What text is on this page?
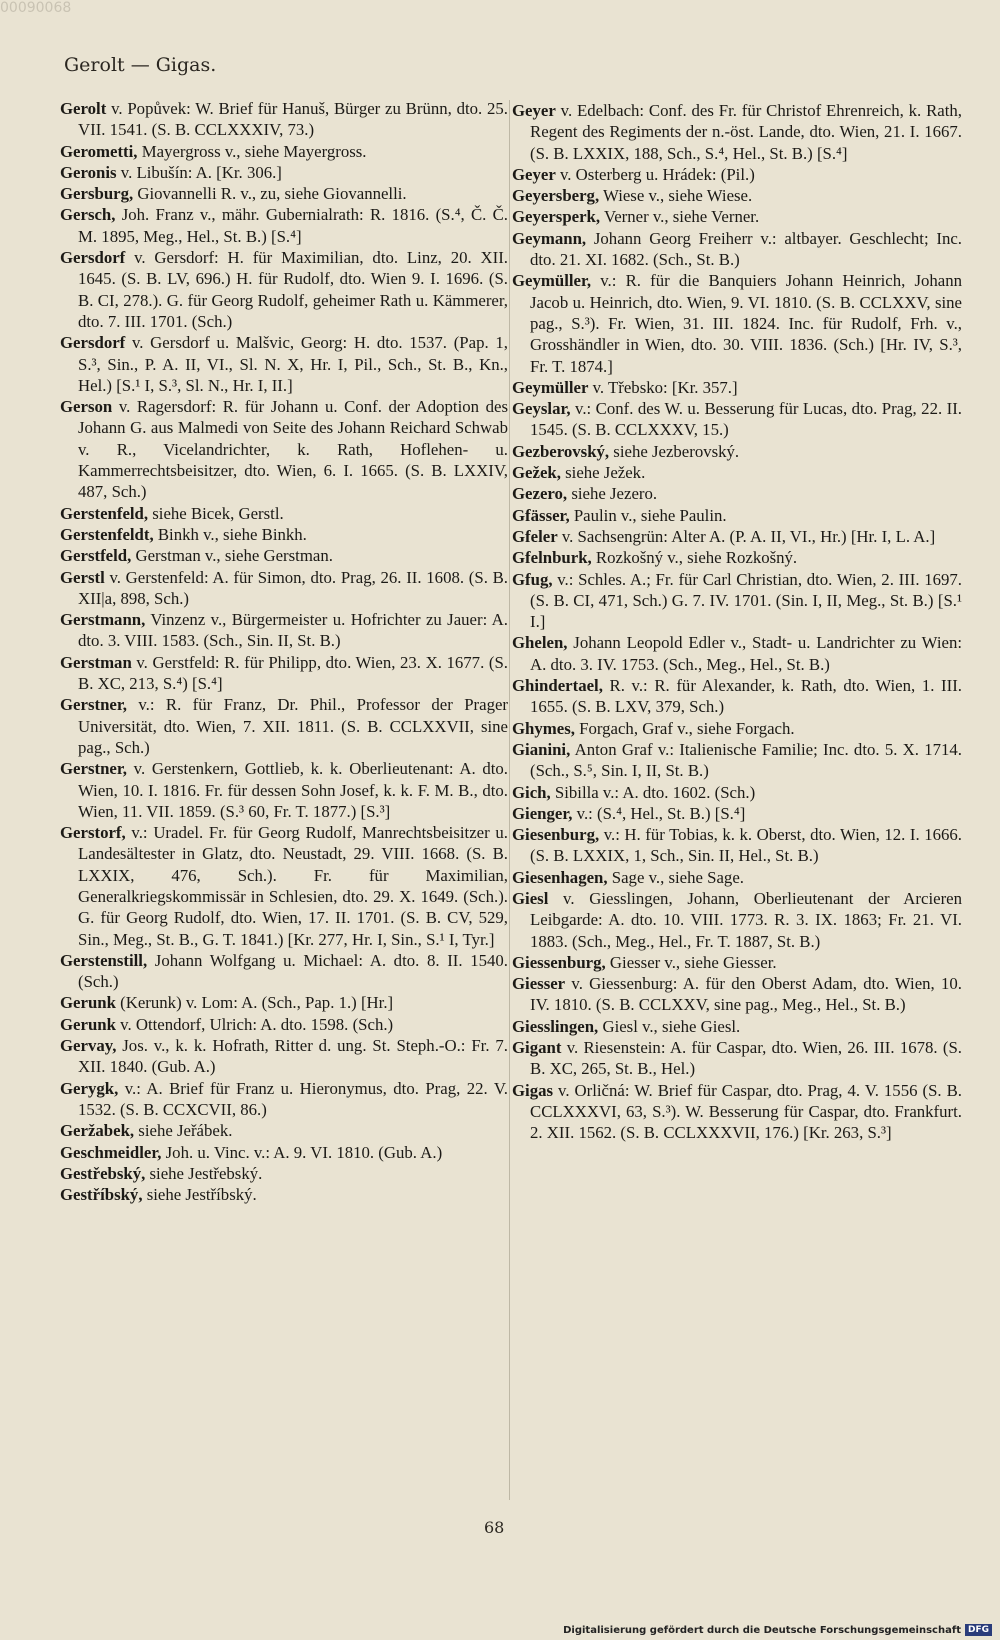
00090068
Gerolt — Gigas.

Gerolt v. Popůvek: W. Brief für Hanuš, Bürger zu Brünn, dto. 25. VII. 1541. (S. B. CCLXXXIV, 73.)

Gerometti, Mayergross v., siehe Mayergross.

Geronis v. Libušín: A. [Kr. 306.]

Gersburg, Giovannelli R. v., zu, siehe Giovannelli.

Gersch, Joh. Franz v., mähr. Gubernialrath: R. 1816. (S.⁴, Č. Č. M. 1895, Meg., Hel., St. B.) [S.⁴]

Gersdorf v. Gersdorf: H. für Maximilian, dto. Linz, 20. XII. 1645. (S. B. LV, 696.) H. für Rudolf, dto. Wien 9. I. 1696. (S. B. CI, 278.). G. für Georg Rudolf, geheimer Rath u. Kämmerer, dto. 7. III. 1701. (Sch.)

Gersdorf v. Gersdorf u. Malšvic, Georg: H. dto. 1537. (Pap. 1, S.³, Sin., P. A. II, VI., Sl. N. X, Hr. I, Pil., Sch., St. B., Kn., Hel.) [S.¹ I, S.³, Sl. N., Hr. I, II.]

Gerson v. Ragersdorf: R. für Johann u. Conf. der Adoption des Johann G. aus Malmedi von Seite des Johann Reichard Schwab v. R., Vicelandrichter, k. Rath, Hoflehen- u. Kammerrechtsbeisitzer, dto. Wien, 6. I. 1665. (S. B. LXXIV, 487, Sch.)

Gerstenfeld, siehe Bicek, Gerstl.

Gerstenfeldt, Binkh v., siehe Binkh.

Gerstfeld, Gerstman v., siehe Gerstman.

Gerstl v. Gerstenfeld: A. für Simon, dto. Prag, 26. II. 1608. (S. B. XII|a, 898, Sch.)

Gerstmann, Vinzenz v., Bürgermeister u. Hofrichter zu Jauer: A. dto. 3. VIII. 1583. (Sch., Sin. II, St. B.)

Gerstman v. Gerstfeld: R. für Philipp, dto. Wien, 23. X. 1677. (S. B. XC, 213, S.⁴) [S.⁴]

Gerstner, v.: R. für Franz, Dr. Phil., Professor der Prager Universität, dto. Wien, 7. XII. 1811. (S. B. CCLXXVII, sine pag., Sch.)

Gerstner, v. Gerstenkern, Gottlieb, k. k. Oberlieutenant: A. dto. Wien, 10. I. 1816. Fr. für dessen Sohn Josef, k. k. F. M. B., dto. Wien, 11. VII. 1859. (S.³ 60, Fr. T. 1877.) [S.³]

Gerstorf, v.: Uradel. Fr. für Georg Rudolf, Manrechtsbeisitzer u. Landesältester in Glatz, dto. Neustadt, 29. VIII. 1668. (S. B. LXXIX, 476, Sch.). Fr. für Maximilian, Generalkriegskommissär in Schlesien, dto. 29. X. 1649. (Sch.). G. für Georg Rudolf, dto. Wien, 17. II. 1701. (S. B. CV, 529, Sin., Meg., St. B., G. T. 1841.) [Kr. 277, Hr. I, Sin., S.¹ I, Tyr.]

Gerstenstill, Johann Wolfgang u. Michael: A. dto. 8. II. 1540. (Sch.)

Gerunk (Kerunk) v. Lom: A. (Sch., Pap. 1.) [Hr.]

Gerunk v. Ottendorf, Ulrich: A. dto. 1598. (Sch.)

Gervay, Jos. v., k. k. Hofrath, Ritter d. ung. St. Steph.-O.: Fr. 7. XII. 1840. (Gub. A.)

Gerygk, v.: A. Brief für Franz u. Hieronymus, dto. Prag, 22. V. 1532. (S. B. CCXCVII, 86.)

Geržabek, siehe Jeřábek.

Geschmeidler, Joh. u. Vinc. v.: A. 9. VI. 1810. (Gub. A.)

Gestřebský, siehe Jestřebský.

Gestříbský, siehe Jestříbský.

Geyer v. Edelbach: Conf. des Fr. für Christof Ehrenreich, k. Rath, Regent des Regiments der n.-öst. Lande, dto. Wien, 21. I. 1667. (S. B. LXXIX, 188, Sch., S.⁴, Hel., St. B.) [S.⁴]

Geyer v. Osterberg u. Hrádek: (Pil.)

Geyersberg, Wiese v., siehe Wiese.

Geyersperk, Verner v., siehe Verner.

Geymann, Johann Georg Freiherr v.: altbayer. Geschlecht; Inc. dto. 21. XI. 1682. (Sch., St. B.)

Geymüller, v.: R. für die Banquiers Johann Heinrich, Johann Jacob u. Heinrich, dto. Wien, 9. VI. 1810. (S. B. CCLXXV, sine pag., S.³). Fr. Wien, 31. III. 1824. Inc. für Rudolf, Frh. v., Grosshändler in Wien, dto. 30. VIII. 1836. (Sch.) [Hr. IV, S.³, Fr. T. 1874.]

Geymüller v. Třebsko: [Kr. 357.]

Geyslar, v.: Conf. des W. u. Besserung für Lucas, dto. Prag, 22. II. 1545. (S. B. CCLXXXV, 15.)

Gezberovský, siehe Jezberovský.

Gežek, siehe Ježek.

Gezero, siehe Jezero.

Gfässer, Paulin v., siehe Paulin.

Gfeler v. Sachsengrün: Alter A. (P. A. II, VI., Hr.) [Hr. I, L. A.]

Gfelnburk, Rozkošný v., siehe Rozkošný.

Gfug, v.: Schles. A.; Fr. für Carl Christian, dto. Wien, 2. III. 1697. (S. B. CI, 471, Sch.) G. 7. IV. 1701. (Sin. I, II, Meg., St. B.) [S.¹ I.]

Ghelen, Johann Leopold Edler v., Stadt- u. Landrichter zu Wien: A. dto. 3. IV. 1753. (Sch., Meg., Hel., St. B.)

Ghindertael, R. v.: R. für Alexander, k. Rath, dto. Wien, 1. III. 1655. (S. B. LXV, 379, Sch.)

Ghymes, Forgach, Graf v., siehe Forgach.

Gianini, Anton Graf v.: Italienische Familie; Inc. dto. 5. X. 1714. (Sch., S.⁵, Sin. I, II, St. B.)

Gich, Sibilla v.: A. dto. 1602. (Sch.)

Gienger, v.: (S.⁴, Hel., St. B.) [S.⁴]

Giesenburg, v.: H. für Tobias, k. k. Oberst, dto. Wien, 12. I. 1666. (S. B. LXXIX, 1, Sch., Sin. II, Hel., St. B.)

Giesenhagen, Sage v., siehe Sage.

Giesl v. Giesslingen, Johann, Oberlieutenant der Arcieren Leibgarde: A. dto. 10. VIII. 1773. R. 3. IX. 1863; Fr. 21. VI. 1883. (Sch., Meg., Hel., Fr. T. 1887, St. B.)

Giessenburg, Giesser v., siehe Giesser.

Giesser v. Giessenburg: A. für den Oberst Adam, dto. Wien, 10. IV. 1810. (S. B. CCLXXV, sine pag., Meg., Hel., St. B.)

Giesslingen, Giesl v., siehe Giesl.

Gigant v. Riesenstein: A. für Caspar, dto. Wien, 26. III. 1678. (S. B. XC, 265, St. B., Hel.)

Gigas v. Orličná: W. Brief für Caspar, dto. Prag, 4. V. 1556 (S. B. CCLXXXVI, 63, S.³). W. Besserung für Caspar, dto. Frankfurt. 2. XII. 1562. (S. B. CCLXXXVII, 176.) [Kr. 263, S.³]

68
Digitalisierung gefördert durch die Deutsche Forschungsgemeinschaft DFG
